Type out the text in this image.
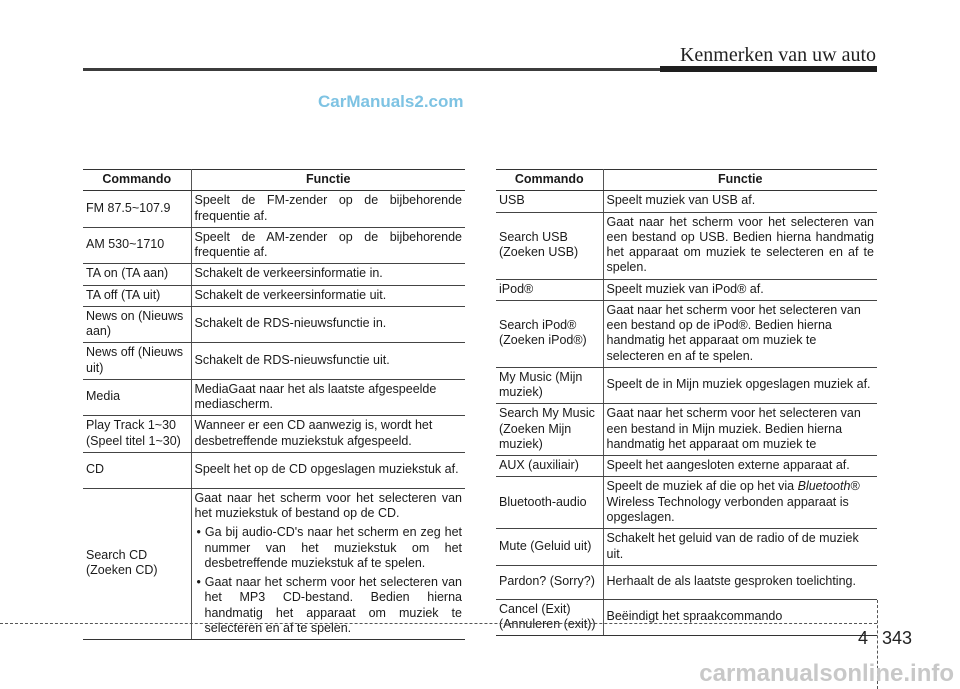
Kenmerken van uw auto
CarManuals2.com
Commando	Functie
FM 87.5~107.9	Speelt de FM-zender op de bijbehorende frequentie af.
AM 530~1710	Speelt de AM-zender op de bijbehorende frequentie af.
TA on (TA aan)	Schakelt de verkeersinformatie in.
TA off (TA uit)	Schakelt de verkeersinformatie uit.
News on (Nieuws aan)	Schakelt de RDS-nieuwsfunctie in.
News off (Nieuws uit)	Schakelt de RDS-nieuwsfunctie uit.
Media	MediaGaat naar het als laatste afgespeelde mediascherm.
Play Track 1~30 (Speel titel 1~30)	Wanneer er een CD aanwezig is, wordt het desbetreffende muziekstuk afgespeeld.
CD	Speelt het op de CD opgeslagen muziekstuk af.
Search CD (Zoeken CD)	Gaat naar het scherm voor het selecteren van het muziekstuk of bestand op de CD.
• Ga bij audio-CD's naar het scherm en zeg het nummer van het muziekstuk om het desbetreffende muziekstuk af te spelen.
• Gaat naar het scherm voor het selecteren van het MP3 CD-bestand. Bedien hierna handmatig het apparaat om muziek te selecteren en af te spelen.
Commando	Functie
USB	Speelt muziek van USB af.
Search USB (Zoeken USB)	Gaat naar het scherm voor het selecteren van een bestand op USB. Bedien hierna handmatig het apparaat om muziek te selecteren en af te spelen.
iPod®	Speelt muziek van iPod® af.
Search iPod® (Zoeken iPod®)	Gaat naar het scherm voor het selecteren van een bestand op de iPod®. Bedien hierna handmatig het apparaat om muziek te selecteren en af te spelen.
My Music (Mijn muziek)	Speelt de in Mijn muziek opgeslagen muziek af.
Search My Music (Zoeken Mijn muziek)	Gaat naar het scherm voor het selecteren van een bestand in Mijn muziek. Bedien hierna handmatig het apparaat om muziek te
AUX (auxiliair)	Speelt het aangesloten externe apparaat af.
Bluetooth-audio	Speelt de muziek af die op het via Bluetooth® Wireless Technology verbonden apparaat is opgeslagen.
Mute (Geluid uit)	Schakelt het geluid van de radio of de muziek uit.
Pardon? (Sorry?)	Herhaalt de als laatste gesproken toelichting.
Cancel (Exit) (Annuleren (exit))	Beëindigt het spraakcommando
4 343
carmanualsonline.info
